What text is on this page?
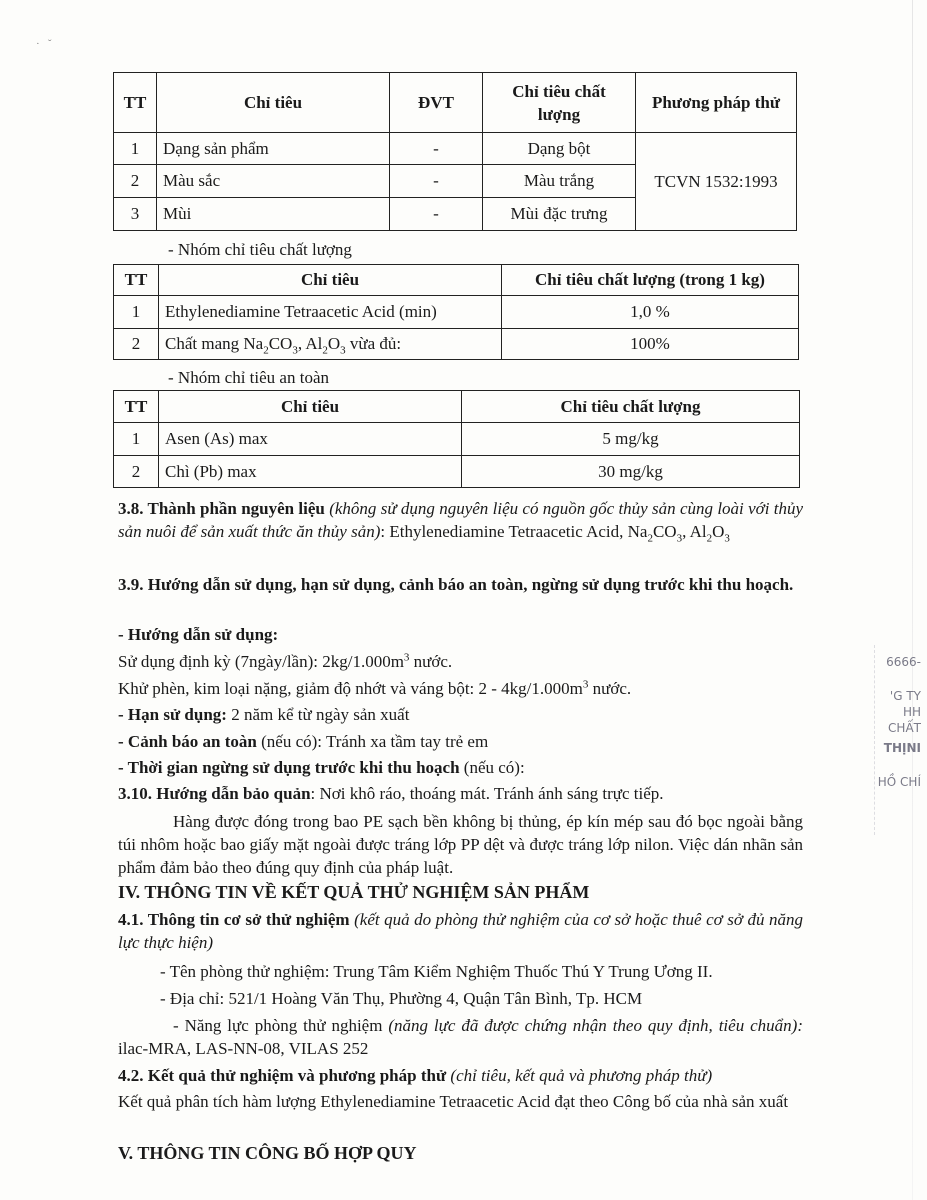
·   ˇ
TT	Chỉ tiêu	ĐVT	Chỉ tiêu chất lượng	Phương pháp thử
1	Dạng sản phẩm	-	Dạng bột	TCVN 1532:1993
2	Màu sắc	-	Màu trắng	
3	Mùi	-	Mùi đặc trưng	
- Nhóm chỉ tiêu chất lượng
TT	Chỉ tiêu	Chỉ tiêu chất lượng (trong 1 kg)
1	Ethylenediamine Tetraacetic Acid (min)	1,0 %
2	Chất mang $Na_2CO_3$, $Al_2O_3$ vừa đủ:	100%
- Nhóm chỉ tiêu an toàn
TT	Chỉ tiêu	Chỉ tiêu chất lượng
1	Asen (As) max	5 mg/kg
2	Chì (Pb) max	30 mg/kg
3.8. Thành phần nguyên liệu (không sử dụng nguyên liệu có nguồn gốc thủy sản cùng loài với thủy sản nuôi để sản xuất thức ăn thủy sản): Ethylenediamine Tetraacetic Acid, $Na_2CO_3$, $Al_2O_3$
3.9. Hướng dẫn sử dụng, hạn sử dụng, cảnh báo an toàn, ngừng sử dụng trước khi thu hoạch.
- Hướng dẫn sử dụng:
Sử dụng định kỳ (7ngày/lần): $2kg/1.000m^3$ nước.
Khử phèn, kim loại nặng, giảm độ nhớt và váng bột: $2 - 4kg/1.000m^3$ nước.
- Hạn sử dụng: 2 năm kể từ ngày sản xuất
- Cảnh báo an toàn (nếu có): Tránh xa tầm tay trẻ em
- Thời gian ngừng sử dụng trước khi thu hoạch (nếu có):
3.10. Hướng dẫn bảo quản: Nơi khô ráo, thoáng mát. Tránh ánh sáng trực tiếp.
Hàng được đóng trong bao PE sạch bền không bị thủng, ép kín mép sau đó bọc ngoài bằng túi nhôm hoặc bao giấy mặt ngoài được tráng lớp PP dệt và được tráng lớp nilon. Việc dán nhãn sản phẩm đảm bảo theo đúng quy định của pháp luật.
IV. THÔNG TIN VỀ KẾT QUẢ THỬ NGHIỆM SẢN PHẨM
4.1. Thông tin cơ sở thử nghiệm (kết quả do phòng thử nghiệm của cơ sở hoặc thuê cơ sở đủ năng lực thực hiện)
- Tên phòng thử nghiệm: Trung Tâm Kiểm Nghiệm Thuốc Thú Y Trung Ương II.
- Địa chỉ: 521/1 Hoàng Văn Thụ, Phường 4, Quận Tân Bình, Tp. HCM
- Năng lực phòng thử nghiệm (năng lực đã được chứng nhận theo quy định, tiêu chuẩn): ilac-MRA, LAS-NN-08, VILAS 252
4.2. Kết quả thử nghiệm và phương pháp thử (chỉ tiêu, kết quả và phương pháp thử)
Kết quả phân tích hàm lượng Ethylenediamine Tetraacetic Acid đạt theo Công bố của nhà sản xuất
V. THÔNG TIN CÔNG BỐ HỢP QUY
6666-
'G TY
HH
CHẤT
THỊNI
HỒ CHÍ
